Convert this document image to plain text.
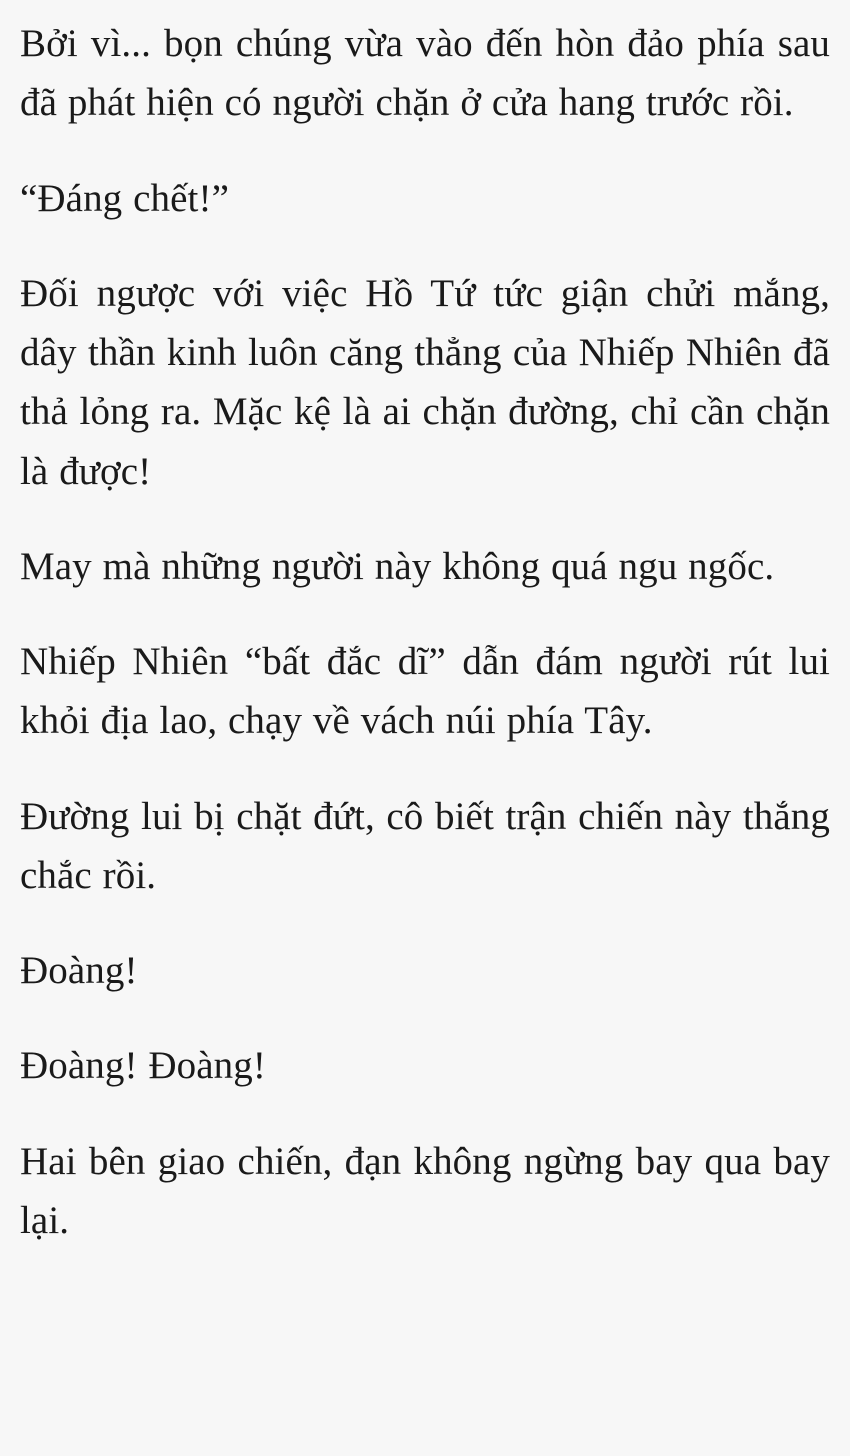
Bởi vì... bọn chúng vừa vào đến hòn đảo phía sau đã phát hiện có người chặn ở cửa hang trước rồi.

“Đáng chết!”

Đối ngược với việc Hồ Tứ tức giận chửi mắng, dây thần kinh luôn căng thẳng của Nhiếp Nhiên đã thả lỏng ra. Mặc kệ là ai chặn đường, chỉ cần chặn là được!

May mà những người này không quá ngu ngốc.

Nhiếp Nhiên “bất đắc dĩ” dẫn đám người rút lui khỏi địa lao, chạy về vách núi phía Tây.

Đường lui bị chặt đứt, cô biết trận chiến này thắng chắc rồi.

Đoàng!

Đoàng! Đoàng!

Hai bên giao chiến, đạn không ngừng bay qua bay lại.
